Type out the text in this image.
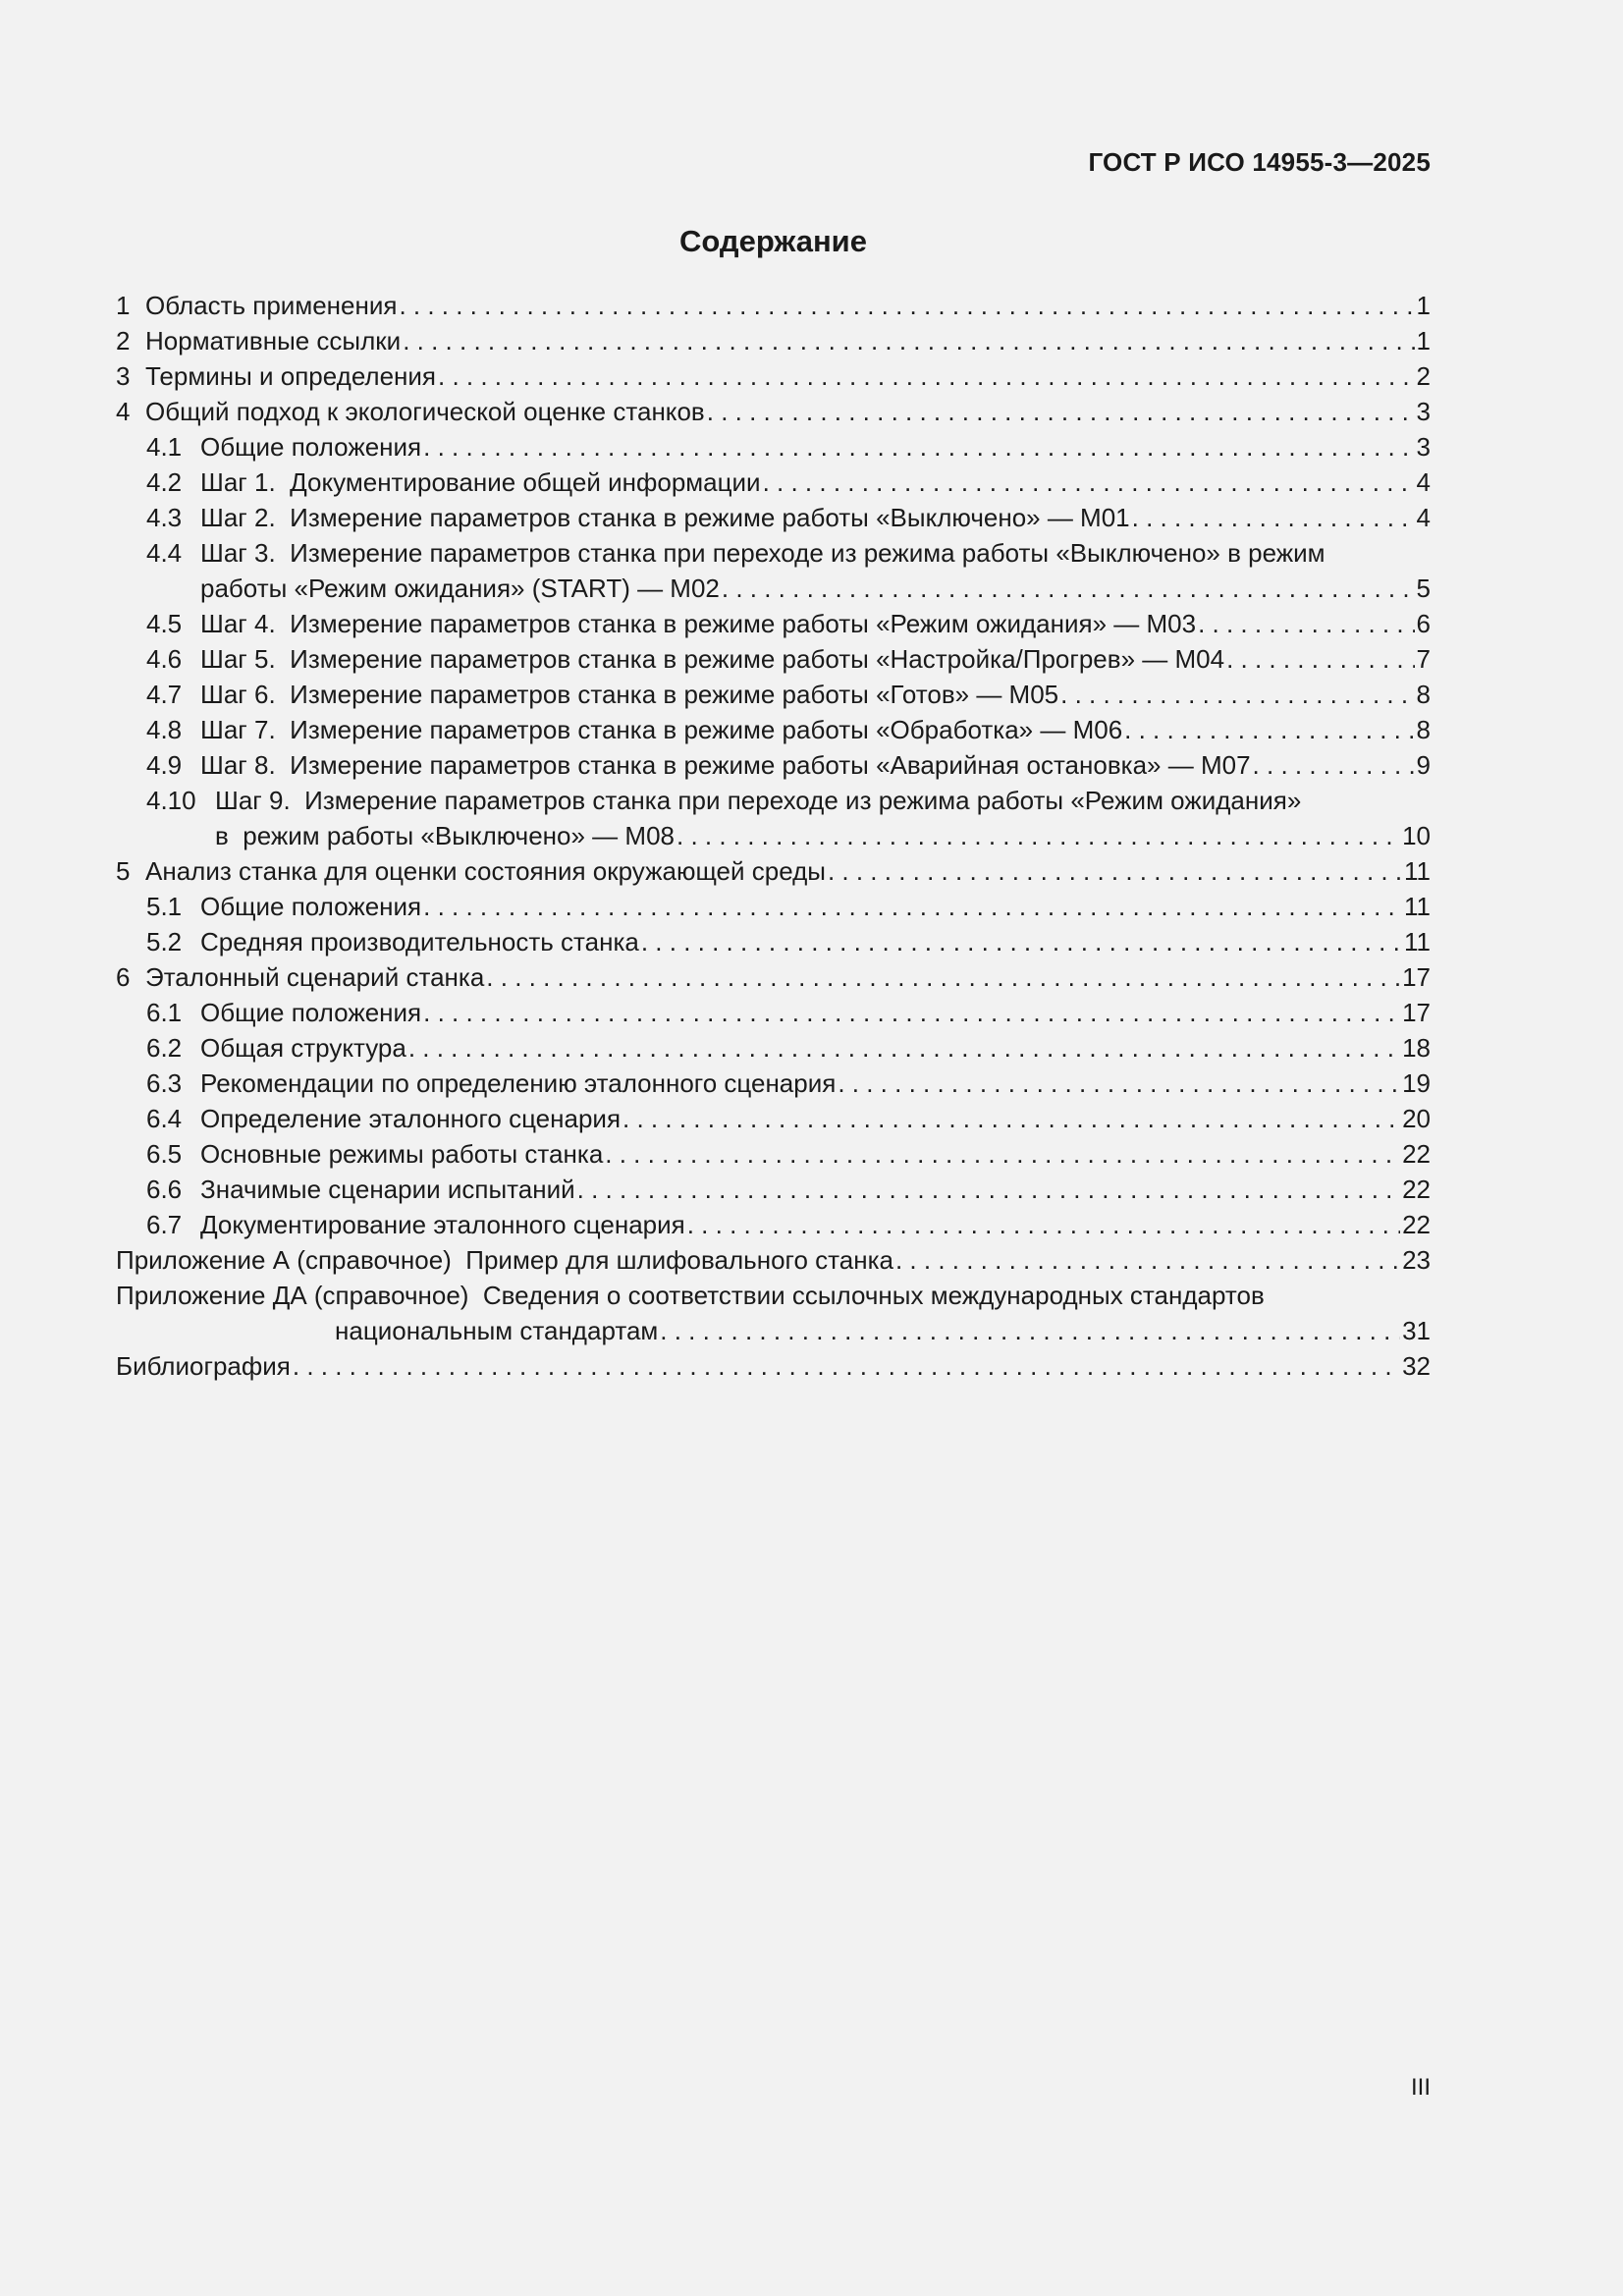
ГОСТ Р ИСО 14955-3—2025
Содержание
1 Область применения . . .	1
2 Нормативные ссылки . . .	1
3 Термины и определения . . .	2
4 Общий подход к экологической оценке станков . . .	3
4.1 Общие положения . . .	3
4.2 Шаг 1.  Документирование общей информации . . .	4
4.3 Шаг 2.  Измерение параметров станка в режиме работы «Выключено» — М01 . . .	4
4.4 Шаг 3.  Измерение параметров станка при переходе из режима работы «Выключено» в режим
работы «Режим ожидания» (START) — М02 . . .	5
4.5 Шаг 4.  Измерение параметров станка в режиме работы «Режим ожидания» — М03 . . .	6
4.6 Шаг 5.  Измерение параметров станка в режиме работы «Настройка/Прогрев» — М04 . . .	7
4.7 Шаг 6.  Измерение параметров станка в режиме работы «Готов» — М05 . . .	8
4.8 Шаг 7.  Измерение параметров станка в режиме работы «Обработка» — М06 . . .	8
4.9 Шаг 8.  Измерение параметров станка в режиме работы «Аварийная остановка» — М07 . . .	9
4.10 Шаг 9.  Измерение параметров станка при переходе из режима работы «Режим ожидания»
в  режим работы «Выключено» — М08 . . .	10
5 Анализ станка для оценки состояния окружающей среды . . .	11
5.1 Общие положения . . .	11
5.2 Средняя производительность станка . . .	11
6 Эталонный сценарий станка . . .	17
6.1 Общие положения . . .	17
6.2 Общая структура . . .	18
6.3 Рекомендации по определению эталонного сценария . . .	19
6.4 Определение эталонного сценария . . .	20
6.5 Основные режимы работы станка . . .	22
6.6 Значимые сценарии испытаний . . .	22
6.7 Документирование эталонного сценария . . .	22
Приложение А (справочное)  Пример для шлифовального станка . . .	23
Приложение ДА (справочное)  Сведения о соответствии ссылочных международных стандартов
национальным стандартам . . .	31
Библиография . . .	32
III
